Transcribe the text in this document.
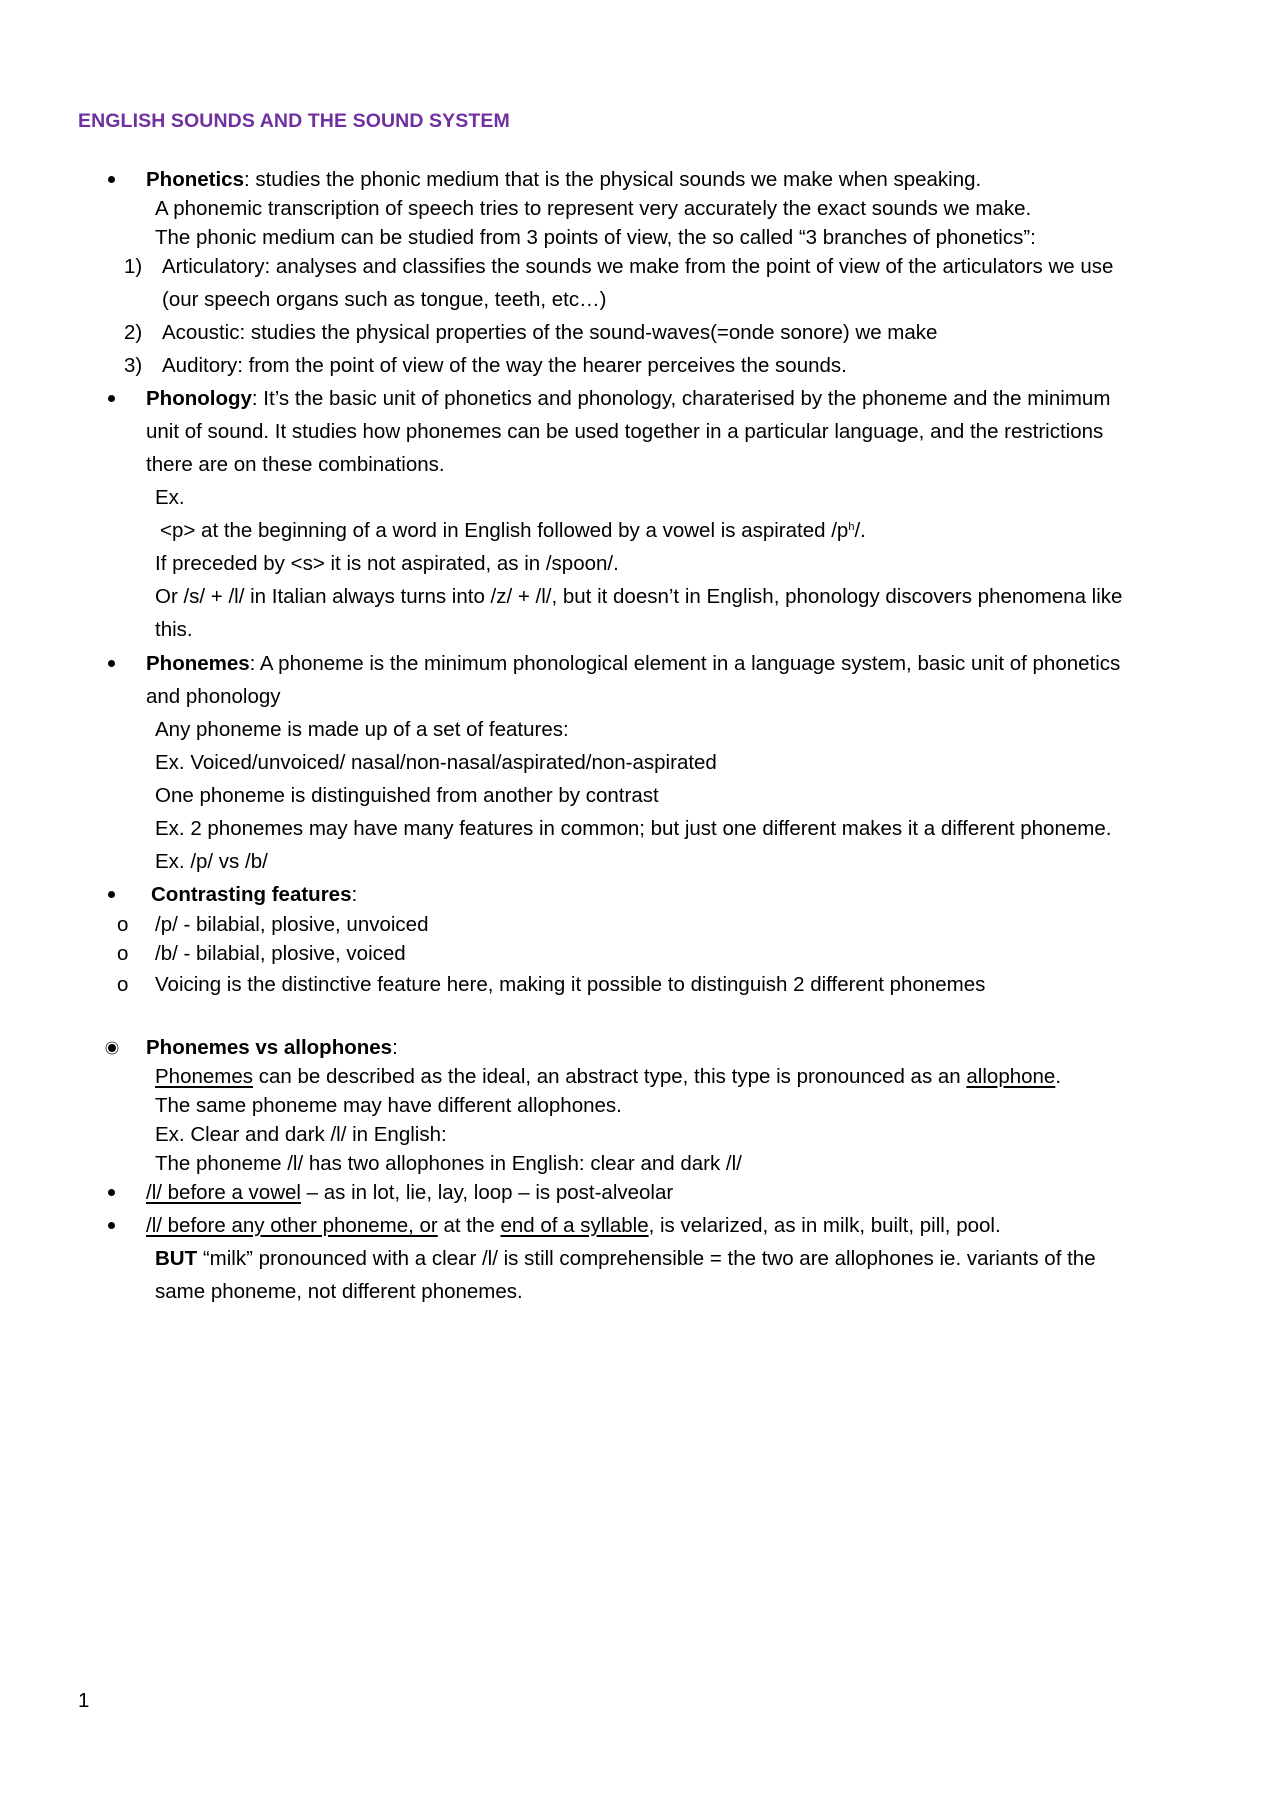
ENGLISH SOUNDS AND THE SOUND SYSTEM
Phonetics: studies the phonic medium that is the physical sounds we make when speaking.
A phonemic transcription of speech tries to represent very accurately the exact sounds we make.
The phonic medium can be studied from 3 points of view, the so called “3 branches of phonetics”:
1) Articulatory: analyses and classifies the sounds we make from the point of view of the articulators we use
(our speech organs such as tongue, teeth, etc…)
2) Acoustic: studies the physical properties of the sound-waves(=onde sonore) we make
3) Auditory: from the point of view of the way the hearer perceives the sounds.
Phonology: It’s the basic unit of phonetics and phonology, charaterised by the phoneme and the minimum
unit of sound. It studies how phonemes can be used together in a particular language, and the restrictions
there are on these combinations.
Ex.
<p> at the beginning of a word in English followed by a vowel is aspirated $/p^h/$.
If preceded by <s> it is not aspirated, as in /spoon/.
Or /s/ + /l/ in Italian always turns into /z/ + /l/, but it doesn’t in English, phonology discovers phenomena like
this.
Phonemes: A phoneme is the minimum phonological element in a language system, basic unit of phonetics
and phonology
Any phoneme is made up of a set of features:
Ex. Voiced/unvoiced/ nasal/non-nasal/aspirated/non-aspirated
One phoneme is distinguished from another by contrast
Ex. 2 phonemes may have many features in common; but just one different makes it a different phoneme.
Ex. /p/ vs /b/
Contrasting features:
o /p/ - bilabial, plosive, unvoiced
o /b/ - bilabial, plosive, voiced
o Voicing is the distinctive feature here, making it possible to distinguish 2 different phonemes
Phonemes vs allophones:
Phonemes can be described as the ideal, an abstract type, this type is pronounced as an allophone.
The same phoneme may have different allophones.
Ex. Clear and dark /l/ in English:
The phoneme /l/ has two allophones in English: clear and dark /l/
/l/ before a vowel – as in lot, lie, lay, loop – is post-alveolar
/l/ before any other phoneme, or at the end of a syllable, is velarized, as in milk, built, pill, pool.
BUT “milk” pronounced with a clear /l/ is still comprehensible = the two are allophones ie. variants of the
same phoneme, not different phonemes.
1
